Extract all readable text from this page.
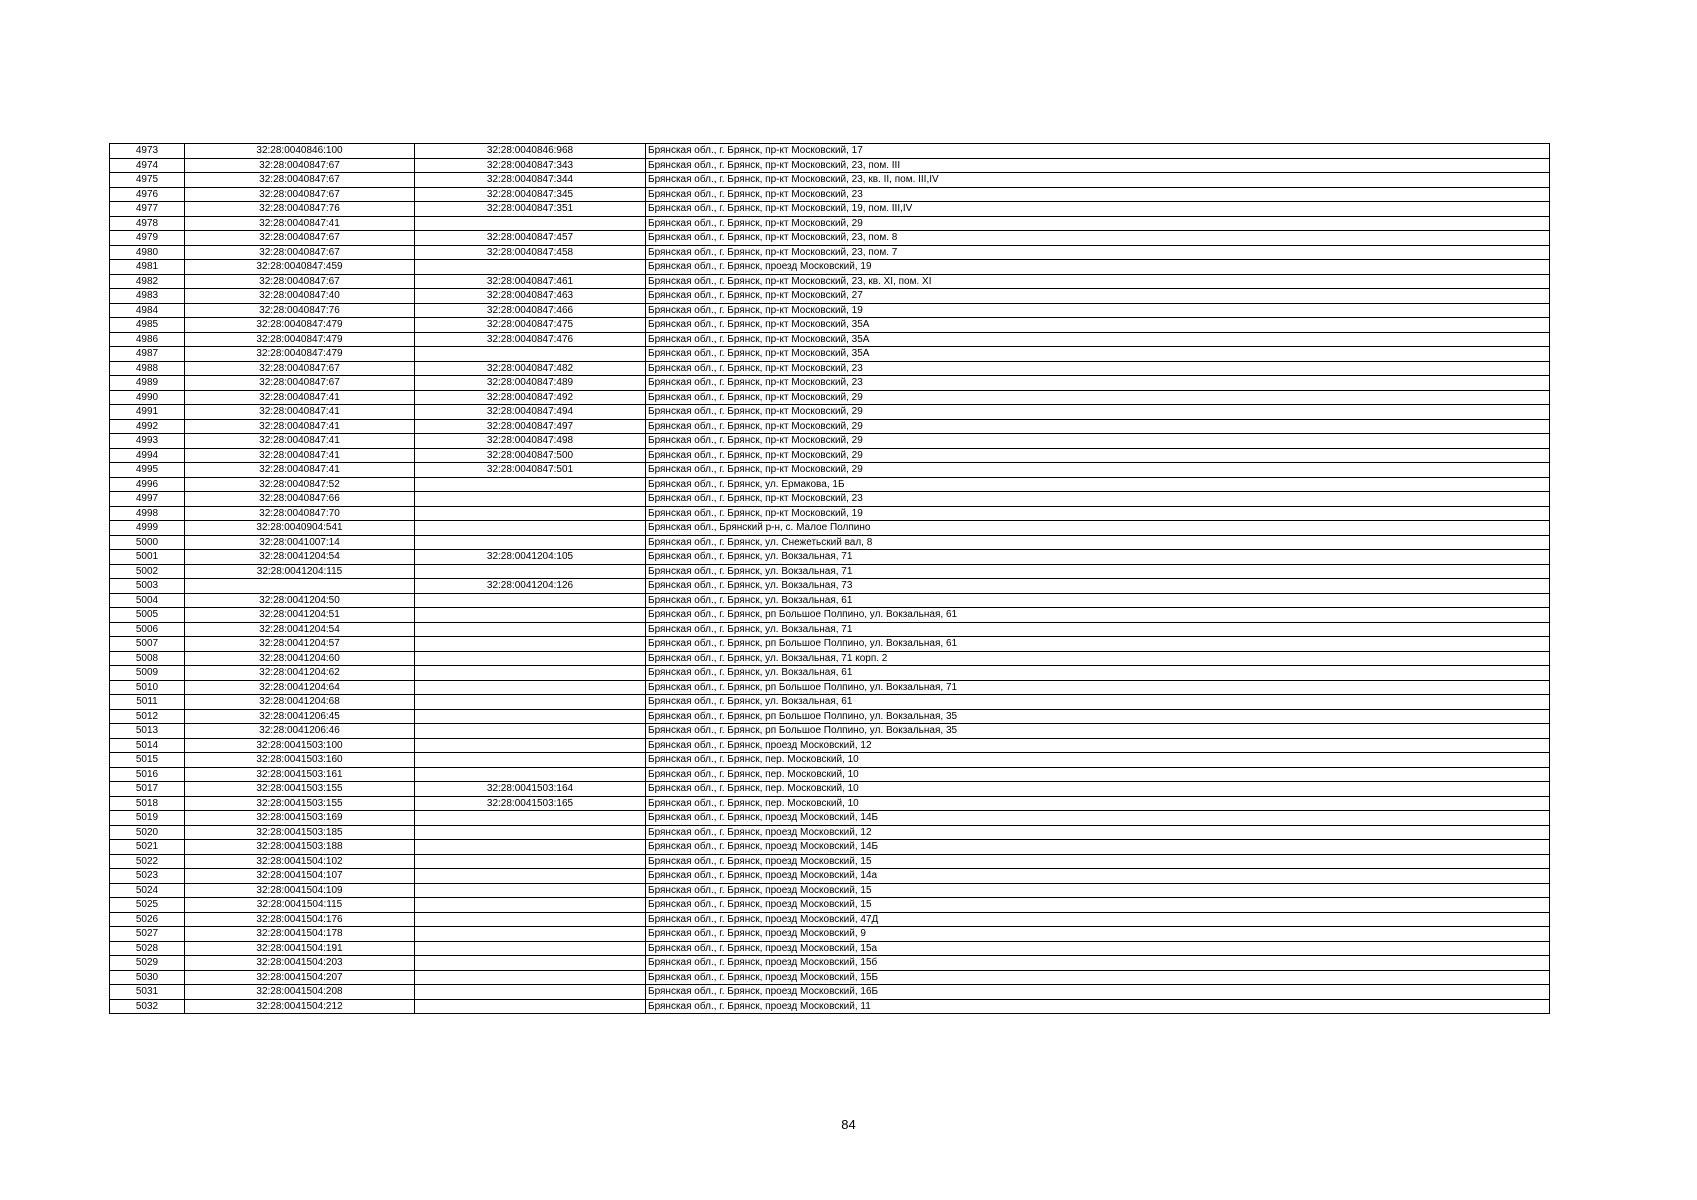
4973	32:28:0040846:100	32:28:0040846:968	Брянская обл., г. Брянск, пр-кт Московский, 17
4974	32:28:0040847:67	32:28:0040847:343	Брянская обл., г. Брянск, пр-кт Московский, 23, пом. III
4975	32:28:0040847:67	32:28:0040847:344	Брянская обл., г. Брянск, пр-кт Московский, 23, кв. II, пом. III,IV
4976	32:28:0040847:67	32:28:0040847:345	Брянская обл., г. Брянск, пр-кт Московский, 23
4977	32:28:0040847:76	32:28:0040847:351	Брянская обл., г. Брянск, пр-кт Московский, 19, пом. III,IV
4978	32:28:0040847:41		Брянская обл., г. Брянск, пр-кт Московский, 29
4979	32:28:0040847:67	32:28:0040847:457	Брянская обл., г. Брянск, пр-кт Московский, 23, пом. 8
4980	32:28:0040847:67	32:28:0040847:458	Брянская обл., г. Брянск, пр-кт Московский, 23, пом. 7
4981	32:28:0040847:459		Брянская обл., г. Брянск, проезд Московский, 19
4982	32:28:0040847:67	32:28:0040847:461	Брянская обл., г. Брянск, пр-кт Московский, 23, кв. XI, пом. XI
4983	32:28:0040847:40	32:28:0040847:463	Брянская обл., г. Брянск, пр-кт Московский, 27
4984	32:28:0040847:76	32:28:0040847:466	Брянская обл., г. Брянск, пр-кт Московский, 19
4985	32:28:0040847:479	32:28:0040847:475	Брянская обл., г. Брянск, пр-кт Московский, 35А
4986	32:28:0040847:479	32:28:0040847:476	Брянская обл., г. Брянск, пр-кт Московский, 35А
4987	32:28:0040847:479		Брянская обл., г. Брянск, пр-кт Московский, 35А
4988	32:28:0040847:67	32:28:0040847:482	Брянская обл., г. Брянск, пр-кт Московский, 23
4989	32:28:0040847:67	32:28:0040847:489	Брянская обл., г. Брянск, пр-кт Московский, 23
4990	32:28:0040847:41	32:28:0040847:492	Брянская обл., г. Брянск, пр-кт Московский, 29
4991	32:28:0040847:41	32:28:0040847:494	Брянская обл., г. Брянск, пр-кт Московский, 29
4992	32:28:0040847:41	32:28:0040847:497	Брянская обл., г. Брянск, пр-кт Московский, 29
4993	32:28:0040847:41	32:28:0040847:498	Брянская обл., г. Брянск, пр-кт Московский, 29
4994	32:28:0040847:41	32:28:0040847:500	Брянская обл., г. Брянск, пр-кт Московский, 29
4995	32:28:0040847:41	32:28:0040847:501	Брянская обл., г. Брянск, пр-кт Московский, 29
4996	32:28:0040847:52		Брянская обл., г. Брянск, ул. Ермакова, 1Б
4997	32:28:0040847:66		Брянская обл., г. Брянск, пр-кт Московский, 23
4998	32:28:0040847:70		Брянская обл., г. Брянск, пр-кт Московский, 19
4999	32:28:0040904:541		Брянская обл., Брянский р-н, с. Малое Полпино
5000	32:28:0041007:14		Брянская обл., г. Брянск, ул. Снежетьский вал, 8
5001	32:28:0041204:54	32:28:0041204:105	Брянская обл., г. Брянск, ул. Вокзальная, 71
5002	32:28:0041204:115		Брянская обл., г. Брянск, ул. Вокзальная, 71
5003		32:28:0041204:126	Брянская обл., г. Брянск, ул. Вокзальная, 73
5004	32:28:0041204:50		Брянская обл., г. Брянск, ул. Вокзальная, 61
5005	32:28:0041204:51		Брянская обл., г. Брянск, рп Большое Полпино, ул. Вокзальная, 61
5006	32:28:0041204:54		Брянская обл., г. Брянск, ул. Вокзальная, 71
5007	32:28:0041204:57		Брянская обл., г. Брянск, рп Большое Полпино, ул. Вокзальная, 61
5008	32:28:0041204:60		Брянская обл., г. Брянск, ул. Вокзальная, 71 корп. 2
5009	32:28:0041204:62		Брянская обл., г. Брянск, ул. Вокзальная, 61
5010	32:28:0041204:64		Брянская обл., г. Брянск, рп Большое Полпино, ул. Вокзальная, 71
5011	32:28:0041204:68		Брянская обл., г. Брянск, ул. Вокзальная, 61
5012	32:28:0041206:45		Брянская обл., г. Брянск, рп Большое Полпино, ул. Вокзальная, 35
5013	32:28:0041206:46		Брянская обл., г. Брянск, рп Большое Полпино, ул. Вокзальная, 35
5014	32:28:0041503:100		Брянская обл., г. Брянск, проезд Московский, 12
5015	32:28:0041503:160		Брянская обл., г. Брянск, пер. Московский, 10
5016	32:28:0041503:161		Брянская обл., г. Брянск, пер. Московский, 10
5017	32:28:0041503:155	32:28:0041503:164	Брянская обл., г. Брянск, пер. Московский, 10
5018	32:28:0041503:155	32:28:0041503:165	Брянская обл., г. Брянск, пер. Московский, 10
5019	32:28:0041503:169		Брянская обл., г. Брянск, проезд Московский, 14Б
5020	32:28:0041503:185		Брянская обл., г. Брянск, проезд Московский, 12
5021	32:28:0041503:188		Брянская обл., г. Брянск, проезд Московский, 14Б
5022	32:28:0041504:102		Брянская обл., г. Брянск, проезд Московский, 15
5023	32:28:0041504:107		Брянская обл., г. Брянск, проезд Московский, 14а
5024	32:28:0041504:109		Брянская обл., г. Брянск, проезд Московский, 15
5025	32:28:0041504:115		Брянская обл., г. Брянск, проезд Московский, 15
5026	32:28:0041504:176		Брянская обл., г. Брянск, проезд Московский, 47Д
5027	32:28:0041504:178		Брянская обл., г. Брянск, проезд Московский, 9
5028	32:28:0041504:191		Брянская обл., г. Брянск, проезд Московский, 15а
5029	32:28:0041504:203		Брянская обл., г. Брянск, проезд Московский, 15б
5030	32:28:0041504:207		Брянская обл., г. Брянск, проезд Московский, 15Б
5031	32:28:0041504:208		Брянская обл., г. Брянск, проезд Московский, 16Б
5032	32:28:0041504:212		Брянская обл., г. Брянск, проезд Московский, 11
84
